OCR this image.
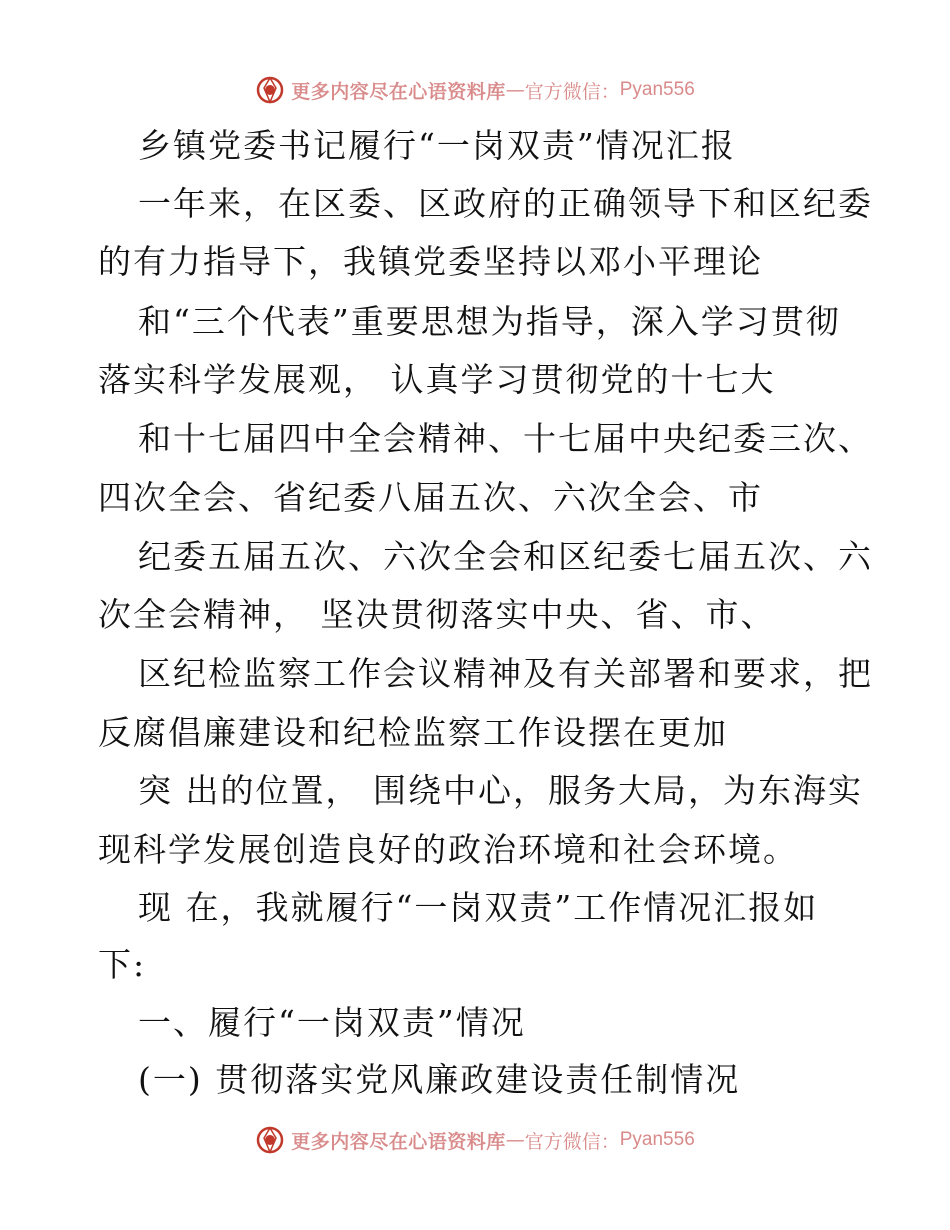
更多内容尽在心语资料库 — 官方微信： Pyan556
乡镇党委书记履行“一岗双责”情况汇报
一年来，在区委、区政府的正确领导下和区纪委
的有力指导下，我镇党委坚持以邓小平理论
和“三个代表”重要思想为指导，深入学习贯彻
落实科学发展观， 认真学习贯彻党的十七大
和十七届四中全会精神、十七届中央纪委三次、
四次全会、省纪委八届五次、六次全会、市
纪委五届五次、六次全会和区纪委七届五次、六
次全会精神， 坚决贯彻落实中央、省、市、
区纪检监察工作会议精神及有关部署和要求，把
反腐倡廉建设和纪检监察工作设摆在更加
突 出的位置， 围绕中心，服务大局，为东海实
现科学发展创造良好的政治环境和社会环境。
现 在，我就履行“一岗双责”工作情况汇报如
下:
一、履行“一岗双责”情况
(一) 贯彻落实党风廉政建设责任制情况
更多内容尽在心语资料库 — 官方微信： Pyan556
